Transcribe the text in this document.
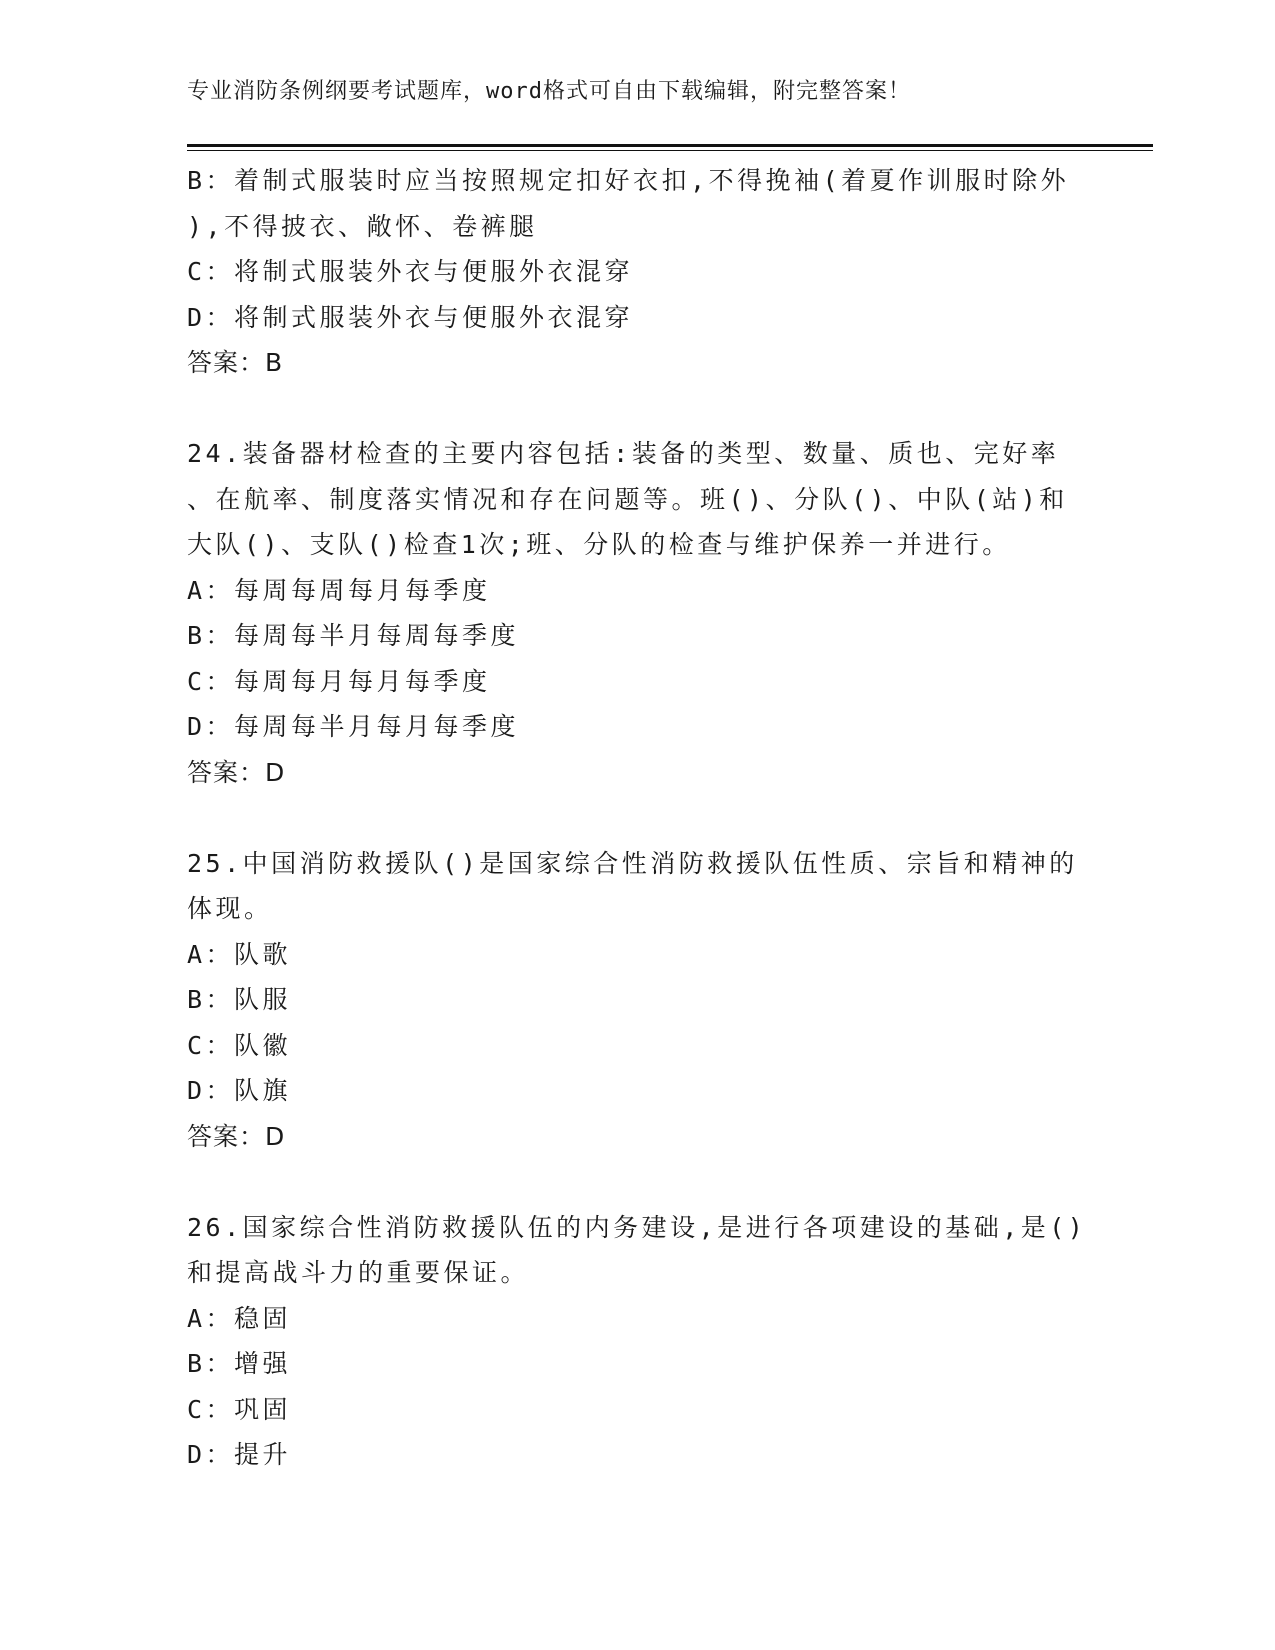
专业消防条例纲要考试题库，word格式可自由下载编辑，附完整答案！
B：着制式服装时应当按照规定扣好衣扣,不得挽袖(着夏作训服时除外
),不得披衣、敞怀、卷裤腿
C：将制式服装外衣与便服外衣混穿
D：将制式服装外衣与便服外衣混穿
答案：B
24.装备器材检查的主要内容包括:装备的类型、数量、质也、完好率
、在航率、制度落实情况和存在问题等。班()、分队()、中队(站)和
大队()、支队()检查1次;班、分队的检查与维护保养一并进行。
A：每周每周每月每季度
B：每周每半月每周每季度
C：每周每月每月每季度
D：每周每半月每月每季度
答案：D
25.中国消防救援队()是国家综合性消防救援队伍性质、宗旨和精神的
体现。
A：队歌
B：队服
C：队徽
D：队旗
答案：D
26.国家综合性消防救援队伍的内务建设,是进行各项建设的基础,是()
和提高战斗力的重要保证。
A：稳固
B：增强
C：巩固
D：提升
